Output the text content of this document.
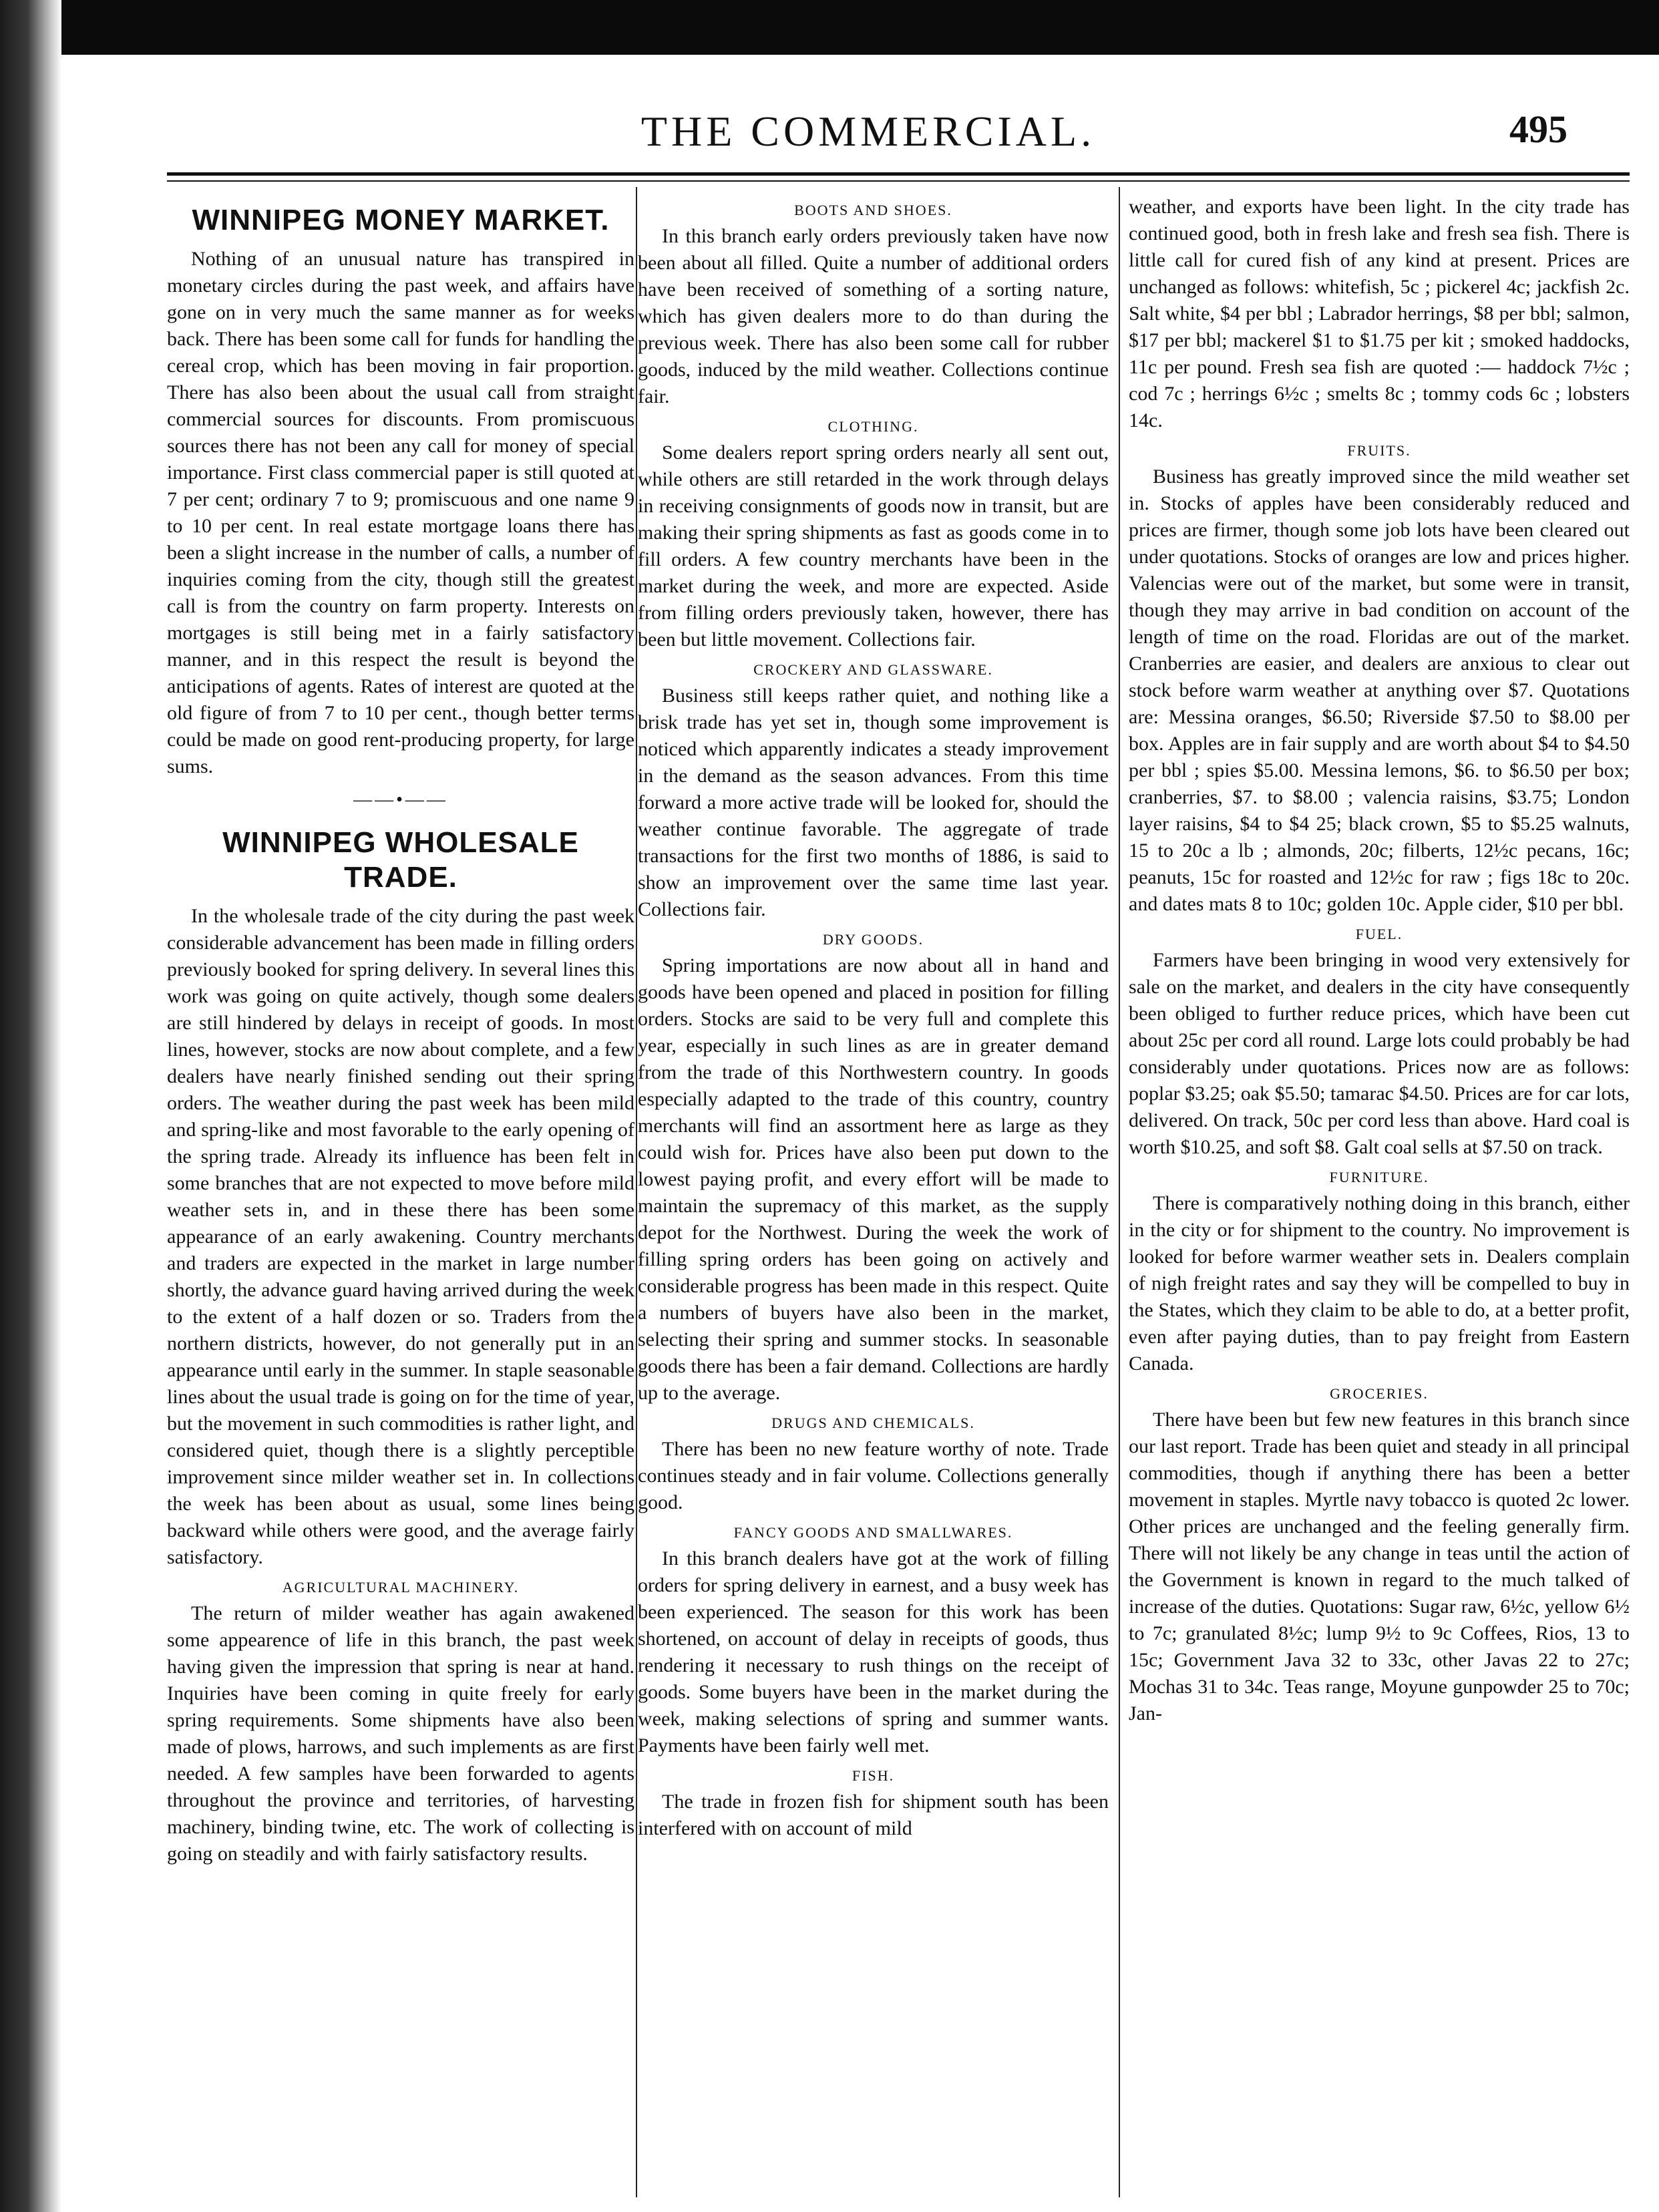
THE COMMERCIAL.	495
WINNIPEG MONEY MARKET.

Nothing of an unusual nature has transpired in monetary circles during the past week, and affairs have gone on in very much the same manner as for weeks back. There has been some call for funds for handling the cereal crop, which has been moving in fair proportion. There has also been about the usual call from straight commercial sources for discounts. From promiscuous sources there has not been any call for money of special importance. First class commercial paper is still quoted at 7 per cent; ordinary 7 to 9; promiscuous and one name 9 to 10 per cent. In real estate mortgage loans there has been a slight increase in the number of calls, a number of inquiries coming from the city, though still the greatest call is from the country on farm property. Interests on mortgages is still being met in a fairly satisfactory manner, and in this respect the result is beyond the anticipations of agents. Rates of interest are quoted at the old figure of from 7 to 10 per cent., though better terms could be made on good rent-producing property, for large sums.

——•——
WINNIPEG WHOLESALE TRADE.

In the wholesale trade of the city during the past week considerable advancement has been made in filling orders previously booked for spring delivery. In several lines this work was going on quite actively, though some dealers are still hindered by delays in receipt of goods. In most lines, however, stocks are now about complete, and a few dealers have nearly finished sending out their spring orders. The weather during the past week has been mild and spring-like and most favorable to the early opening of the spring trade. Already its influence has been felt in some branches that are not expected to move before mild weather sets in, and in these there has been some appearance of an early awakening. Country merchants and traders are expected in the market in large number shortly, the advance guard having arrived during the week to the extent of a half dozen or so. Traders from the northern districts, however, do not generally put in an appearance until early in the summer. In staple seasonable lines about the usual trade is going on for the time of year, but the movement in such commodities is rather light, and considered quiet, though there is a slightly perceptible improvement since milder weather set in. In collections the week has been about as usual, some lines being backward while others were good, and the average fairly satisfactory.

AGRICULTURAL MACHINERY.

The return of milder weather has again awakened some appearence of life in this branch, the past week having given the impression that spring is near at hand. Inquiries have been coming in quite freely for early spring requirements. Some shipments have also been made of plows, harrows, and such implements as are first needed. A few samples have been forwarded to agents throughout the province and territories, of harvesting machinery, binding twine, etc. The work of collecting is going on steadily and with fairly satisfactory results.

BOOTS AND SHOES.

In this branch early orders previously taken have now been about all filled. Quite a number of additional orders have been received of something of a sorting nature, which has given dealers more to do than during the previous week. There has also been some call for rubber goods, induced by the mild weather. Collections continue fair.

CLOTHING.

Some dealers report spring orders nearly all sent out, while others are still retarded in the work through delays in receiving consignments of goods now in transit, but are making their spring shipments as fast as goods come in to fill orders. A few country merchants have been in the market during the week, and more are expected. Aside from filling orders previously taken, however, there has been but little movement. Collections fair.

CROCKERY AND GLASSWARE.

Business still keeps rather quiet, and nothing like a brisk trade has yet set in, though some improvement is noticed which apparently indicates a steady improvement in the demand as the season advances. From this time forward a more active trade will be looked for, should the weather continue favorable. The aggregate of trade transactions for the first two months of 1886, is said to show an improvement over the same time last year. Collections fair.

DRY GOODS.

Spring importations are now about all in hand and goods have been opened and placed in position for filling orders. Stocks are said to be very full and complete this year, especially in such lines as are in greater demand from the trade of this Northwestern country. In goods especially adapted to the trade of this country, country merchants will find an assortment here as large as they could wish for. Prices have also been put down to the lowest paying profit, and every effort will be made to maintain the supremacy of this market, as the supply depot for the Northwest. During the week the work of filling spring orders has been going on actively and considerable progress has been made in this respect. Quite a numbers of buyers have also been in the market, selecting their spring and summer stocks. In seasonable goods there has been a fair demand. Collections are hardly up to the average.

DRUGS AND CHEMICALS.

There has been no new feature worthy of note. Trade continues steady and in fair volume. Collections generally good.

FANCY GOODS AND SMALLWARES.

In this branch dealers have got at the work of filling orders for spring delivery in earnest, and a busy week has been experienced. The season for this work has been shortened, on account of delay in receipts of goods, thus rendering it necessary to rush things on the receipt of goods. Some buyers have been in the market during the week, making selections of spring and summer wants. Payments have been fairly well met.

FISH.

The trade in frozen fish for shipment south has been interfered with on account of mild

weather, and exports have been light. In the city trade has continued good, both in fresh lake and fresh sea fish. There is little call for cured fish of any kind at present. Prices are unchanged as follows: whitefish, 5c ; pickerel 4c; jackfish 2c. Salt white, $4 per bbl ; Labrador herrings, $8 per bbl; salmon, $17 per bbl; mackerel $1 to $1.75 per kit ; smoked haddocks, 11c per pound. Fresh sea fish are quoted :— haddock 7½c ; cod 7c ; herrings 6½c ; smelts 8c ; tommy cods 6c ; lobsters 14c.

FRUITS.

Business has greatly improved since the mild weather set in. Stocks of apples have been considerably reduced and prices are firmer, though some job lots have been cleared out under quotations. Stocks of oranges are low and prices higher. Valencias were out of the market, but some were in transit, though they may arrive in bad condition on account of the length of time on the road. Floridas are out of the market. Cranberries are easier, and dealers are anxious to clear out stock before warm weather at anything over $7. Quotations are: Messina oranges, $6.50; Riverside $7.50 to $8.00 per box. Apples are in fair supply and are worth about $4 to $4.50 per bbl ; spies $5.00. Messina lemons, $6. to $6.50 per box; cranberries, $7. to $8.00 ; valencia raisins, $3.75; London layer raisins, $4 to $4 25; black crown, $5 to $5.25 walnuts, 15 to 20c a lb ; almonds, 20c; filberts, 12½c pecans, 16c; peanuts, 15c for roasted and 12½c for raw ; figs 18c to 20c. and dates mats 8 to 10c; golden 10c. Apple cider, $10 per bbl.

FUEL.

Farmers have been bringing in wood very extensively for sale on the market, and dealers in the city have consequently been obliged to further reduce prices, which have been cut about 25c per cord all round. Large lots could probably be had considerably under quotations. Prices now are as follows: poplar $3.25; oak $5.50; tamarac $4.50. Prices are for car lots, delivered. On track, 50c per cord less than above. Hard coal is worth $10.25, and soft $8. Galt coal sells at $7.50 on track.

FURNITURE.

There is comparatively nothing doing in this branch, either in the city or for shipment to the country. No improvement is looked for before warmer weather sets in. Dealers complain of nigh freight rates and say they will be compelled to buy in the States, which they claim to be able to do, at a better profit, even after paying duties, than to pay freight from Eastern Canada.

GROCERIES.

There have been but few new features in this branch since our last report. Trade has been quiet and steady in all principal commodities, though if anything there has been a better movement in staples. Myrtle navy tobacco is quoted 2c lower. Other prices are unchanged and the feeling generally firm. There will not likely be any change in teas until the action of the Government is known in regard to the much talked of increase of the duties. Quotations: Sugar raw, 6½c, yellow 6½ to 7c; granulated 8½c; lump 9½ to 9c Coffees, Rios, 13 to 15c; Government Java 32 to 33c, other Javas 22 to 27c; Mochas 31 to 34c. Teas range, Moyune gunpowder 25 to 70c; Jan-
